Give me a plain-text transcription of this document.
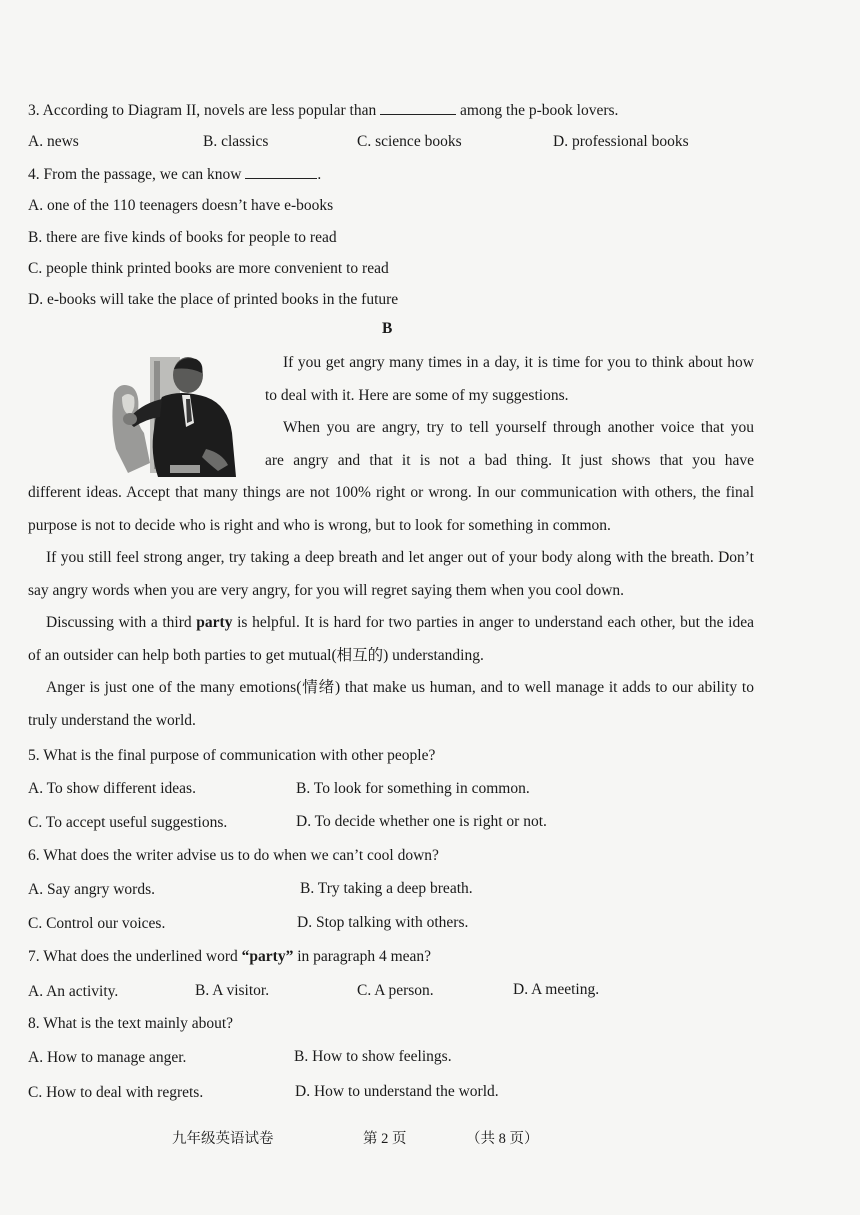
3. According to Diagram II, novels are less popular than	among the p-book lovers.
A. news	B. classics	C. science books	D. professional books
4. From the passage, we can know	.
A. one of the 110 teenagers doesn’t have e-books
B. there are five kinds of books for people to read
C. people think printed books are more convenient to read
D. e-books will take the place of printed books in the future
B

If you get angry many times in a day, it is time for you to think about how to deal with it. Here are some of my suggestions.

When you are angry, try to tell yourself through another voice that you

are angry and that it is not a bad thing. It just shows that you have

different ideas. Accept that many things are not 100% right or wrong. In our communication with others, the final purpose is not to decide who is right and who is wrong, but to look for something in common.

If you still feel strong anger, try taking a deep breath and let anger out of your body along with the breath. Don’t say angry words when you are very angry, for you will regret saying them when you cool down.

Discussing with a third party is helpful. It is hard for two parties in anger to understand each other, but the idea of an outsider can help both parties to get mutual(相互的) understanding.

Anger is just one of the many emotions(情绪) that make us human, and to well manage it adds to our ability to truly understand the world.

5. What is the final purpose of communication with other people?
A. To show different ideas.	B. To look for something in common.
C. To accept useful suggestions.	D. To decide whether one is right or not.
6. What does the writer advise us to do when we can’t cool down?
A. Say angry words.	B. Try taking a deep breath.
C. Control our voices.	D. Stop talking with others.
7. What does the underlined word “party” in paragraph 4 mean?
A. An activity.	B. A visitor.	C. A person.	D. A meeting.
8. What is the text mainly about?
A. How to manage anger.	B. How to show feelings.
C. How to deal with regrets.	D. How to understand the world.
九年级英语试卷	第 2 页	（共 8 页）
